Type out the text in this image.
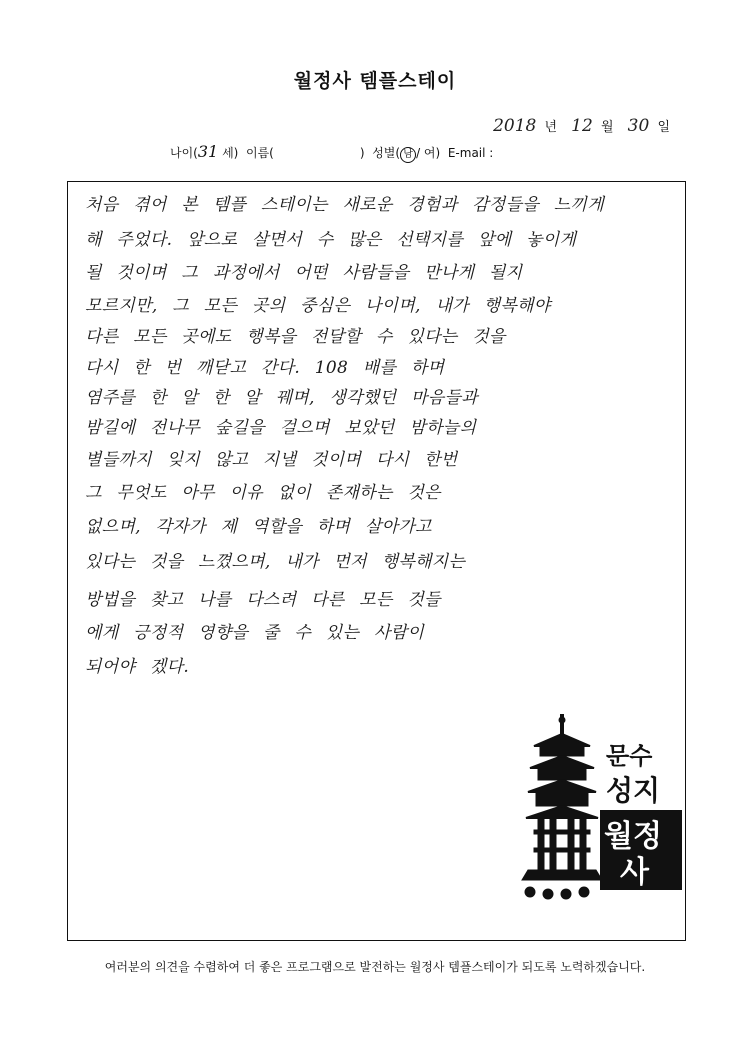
월정사 템플스테이
2018 년 12 월 30 일
나이(31 세) 이름(	) 성별( 남 / 여) E-mail :
처음 겪어 본 템플 스테이는 새로운 경험과 감정들을 느끼게
해 주었다. 앞으로 살면서 수 많은 선택지를 앞에 놓이게
될 것이며 그 과정에서 어떤 사람들을 만나게 될지
모르지만, 그 모든 곳의 중심은 나이며, 내가 행복해야
다른 모든 곳에도 행복을 전달할 수 있다는 것을
다시 한 번 깨닫고 간다. 108 배를 하며
염주를 한 알 한 알 꿰며, 생각했던 마음들과
밤길에 전나무 숲길을 걸으며 보았던 밤하늘의
별들까지 잊지 않고 지낼 것이며 다시 한번
그 무엇도 아무 이유 없이 존재하는 것은
없으며, 각자가 제 역할을 하며 살아가고
있다는 것을 느꼈으며, 내가 먼저 행복해지는
방법을 찾고 나를 다스려 다른 모든 것들
에게 긍정적 영향을 줄 수 있는 사람이
되어야 겠다.
문수
성지
월정
사
여러분의 의견을 수렴하여 더 좋은 프로그램으로 발전하는 월정사 템플스테이가 되도록 노력하겠습니다.
